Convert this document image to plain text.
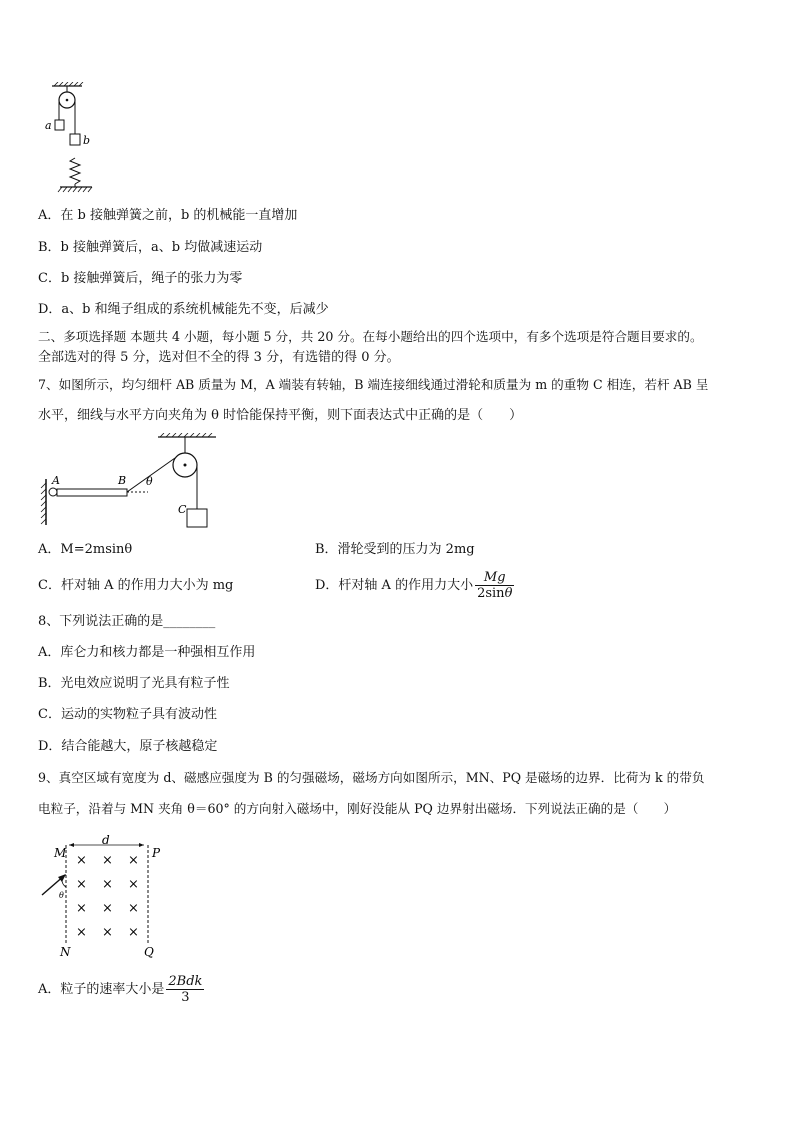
a
b
A．在 b 接触弹簧之前，b 的机械能一直增加
B．b 接触弹簧后，a、b 均做减速运动
C．b 接触弹簧后，绳子的张力为零
D．a、b 和绳子组成的系统机械能先不变，后减少
二、多项选择题 本题共 4 小题，每小题 5 分，共 20 分。在每小题给出的四个选项中，有多个选项是符合题目要求的。
全部选对的得 5 分，选对但不全的得 3 分，有选错的得 0 分。
7、如图所示，均匀细杆 AB 质量为 M，A 端装有转轴，B 端连接细线通过滑轮和质量为 m 的重物 C 相连，若杆 AB 呈
水平，细线与水平方向夹角为 θ 时恰能保持平衡，则下面表达式中正确的是（　　）
A	B θ
C
A．M=2msinθ	B．滑轮受到的压力为 2mg
C．杆对轴 A 的作用力大小为 mg	D．杆对轴 A 的作用力大小 $\frac{Mg}{2\sin\theta}$
8、下列说法正确的是________
A．库仑力和核力都是一种强相互作用
B．光电效应说明了光具有粒子性
C．运动的实物粒子具有波动性
D．结合能越大，原子核越稳定
9、真空区域有宽度为 d、磁感应强度为 B 的匀强磁场，磁场方向如图所示，MN、PQ 是磁场的边界．比荷为 k 的带负
电粒子，沿着与 MN 夹角 θ＝60° 的方向射入磁场中，刚好没能从 PQ 边界射出磁场．下列说法正确的是（　　）
d
M	P
N	Q
× × ×
× × ×
× × ×
× × ×
θ
A．粒子的速率大小是 $\frac{\text{2Bdk}}{3}$
